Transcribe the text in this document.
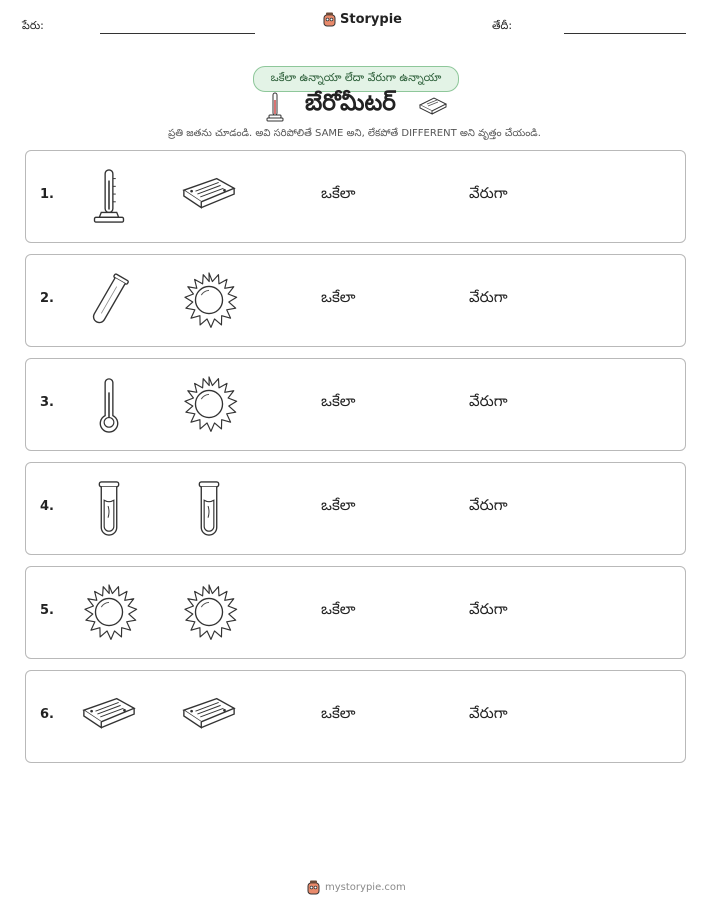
పేరు:	Storypie	తేదీ:
ఒకేలా ఉన్నాయా లేదా వేరుగా ఉన్నాయా
బేరోమీటర్
ప్రతి జతను చూడండి. అవి సరిపోలితే SAME అని, లేకపోతే DIFFERENT అని వృత్తం చేయండి.
1.	ఒకేలా	వేరుగా
2.	ఒకేలా	వేరుగా
3.	ఒకేలా	వేరుగా
4.	ఒకేలా	వేరుగా
5.	ఒకేలా	వేరుగా
6.	ఒకేలా	వేరుగా
mystorypie.com
